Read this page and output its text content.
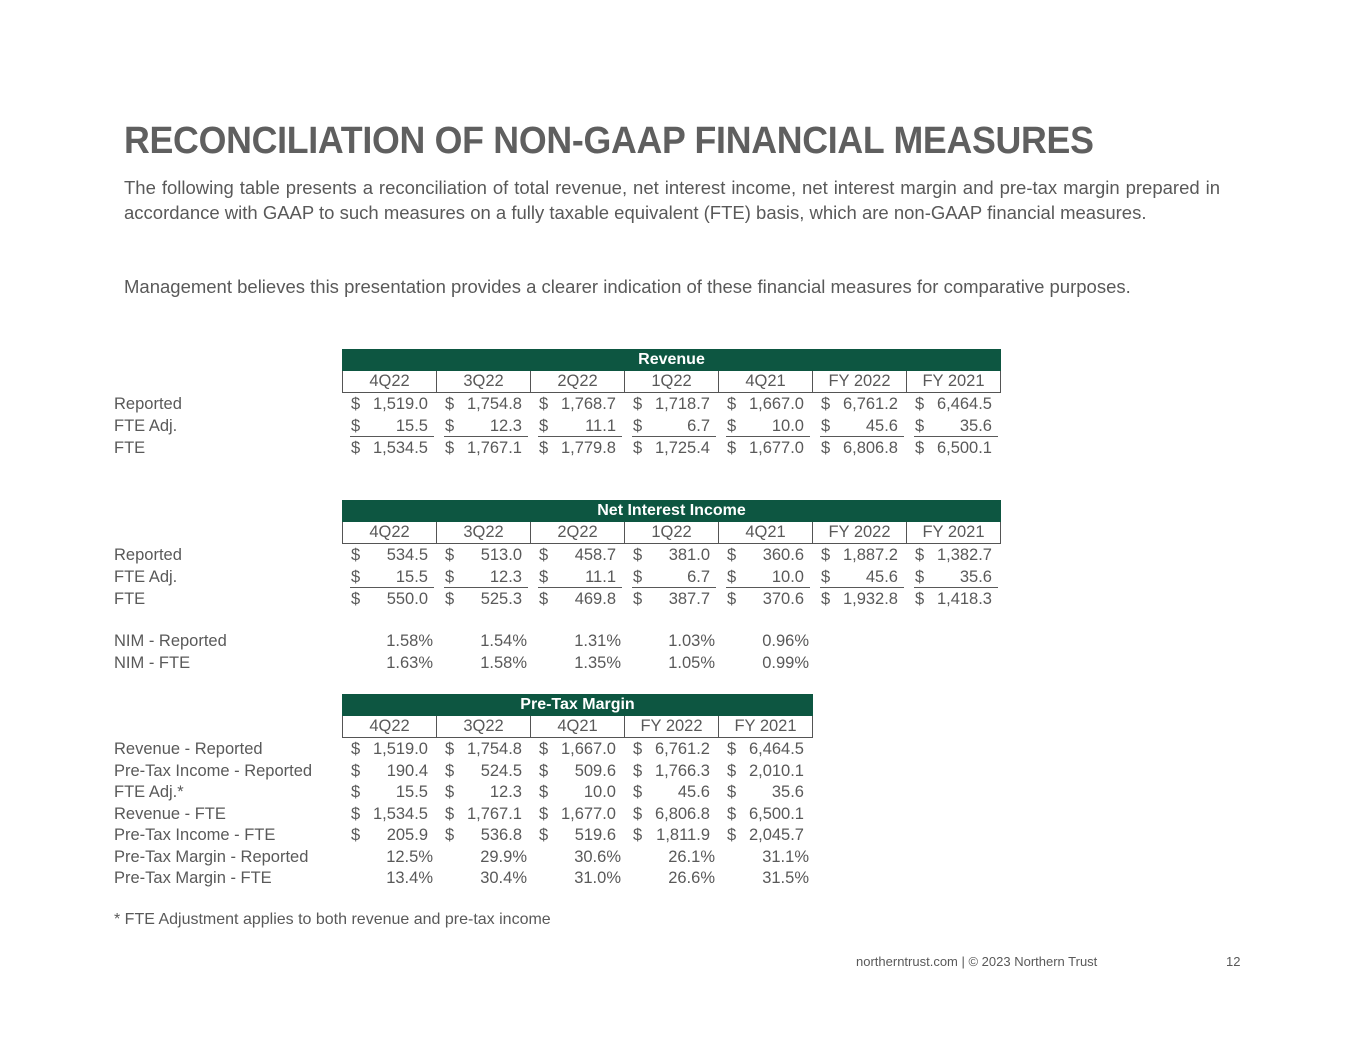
RECONCILIATION OF NON-GAAP FINANCIAL MEASURES
The following table presents a reconciliation of total revenue, net interest income, net interest margin and pre-tax margin prepared in accordance with GAAP to such measures on a fully taxable equivalent (FTE) basis, which are non-GAAP financial measures.
Management believes this presentation provides a clearer indication of these financial measures for comparative purposes.
Revenue
4Q22	3Q22	2Q22	1Q22	4Q21	FY 2022	FY 2021
Reported	$ 1,519.0 $ 1,754.8 $ 1,768.7 $ 1,718.7 $ 1,667.0 $ 6,761.2 $ 6,464.5
FTE Adj.	$	15.5 $	12.3 $	11.1 $	6.7 $	10.0 $	45.6 $	35.6
FTE	$ 1,534.5 $ 1,767.1 $ 1,779.8 $ 1,725.4 $ 1,677.0 $ 6,806.8 $ 6,500.1
Net Interest Income
4Q22	3Q22	2Q22	1Q22	4Q21	FY 2022	FY 2021
Reported	$	534.5 $	513.0 $	458.7 $	381.0 $	360.6 $ 1,887.2 $ 1,382.7
FTE Adj.	$	15.5 $	12.3 $	11.1 $	6.7 $	10.0 $	45.6 $	35.6
FTE	$	550.0 $	525.3 $	469.8 $	387.7 $	370.6 $ 1,932.8 $ 1,418.3
NIM - Reported	1.58%	1.54%	1.31%	1.03%	0.96%
NIM - FTE	1.63%	1.58%	1.35%	1.05%	0.99%
Pre-Tax Margin
4Q22	3Q22	4Q21	FY 2022	FY 2021
Revenue - Reported	$ 1,519.0 $ 1,754.8 $ 1,667.0 $ 6,761.2 $ 6,464.5
Pre-Tax Income - Reported $	190.4 $	524.5 $	509.6 $ 1,766.3 $ 2,010.1
FTE Adj.*	$	15.5 $	12.3 $	10.0 $	45.6 $	35.6
Revenue - FTE	$ 1,534.5 $ 1,767.1 $ 1,677.0 $ 6,806.8 $ 6,500.1
Pre-Tax Income - FTE	$	205.9 $	536.8 $	519.6 $ 1,811.9 $ 2,045.7
Pre-Tax Margin - Reported	12.5%	29.9%	30.6%	26.1%	31.1%
Pre-Tax Margin - FTE	13.4%	30.4%	31.0%	26.6%	31.5%
* FTE Adjustment applies to both revenue and pre-tax income
northerntrust.com | © 2023 Northern Trust	12
